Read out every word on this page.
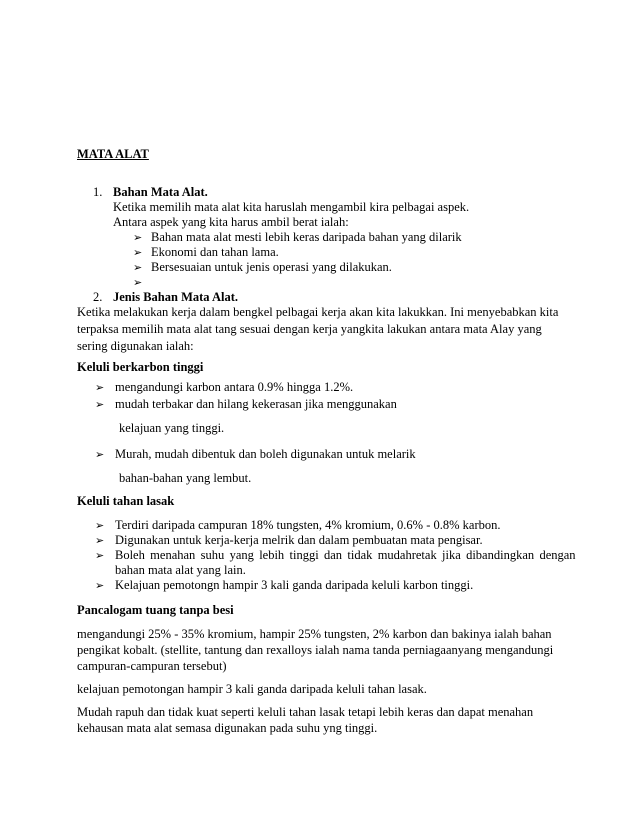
MATA ALAT
1. Bahan Mata Alat.
Ketika memilih mata alat kita haruslah mengambil kira pelbagai aspek.
Antara aspek yang kita harus ambil berat ialah:
➢ Bahan mata alat mesti lebih keras daripada bahan yang dilarik
➢ Ekonomi dan tahan lama.
➢ Bersesuaian untuk jenis operasi yang dilakukan.
➢
2. Jenis Bahan Mata Alat.
Ketika melakukan kerja dalam bengkel pelbagai kerja akan kita lakukkan. Ini menyebabkan kita
terpaksa memilih mata alat tang sesuai dengan kerja yangkita lakukan antara mata Alay yang
sering digunakan ialah:
Keluli berkarbon tinggi
➢ mengandungi karbon antara 0.9% hingga 1.2%.
➢ mudah terbakar dan hilang kekerasan jika menggunakan
kelajuan yang tinggi.
➢ Murah, mudah dibentuk dan boleh digunakan untuk melarik
bahan-bahan yang lembut.
Keluli tahan lasak
➢ Terdiri daripada campuran 18% tungsten, 4% kromium, 0.6% - 0.8% karbon.
➢ Digunakan untuk kerja-kerja melrik dan dalam pembuatan mata pengisar.
➢ Boleh menahan suhu yang lebih tinggi dan tidak mudahretak jika dibandingkan dengan
bahan mata alat yang lain.
➢ Kelajuan pemotongn hampir 3 kali ganda daripada keluli karbon tinggi.
Pancalogam tuang tanpa besi
mengandungi 25% - 35% kromium, hampir 25% tungsten, 2% karbon dan bakinya ialah bahan
pengikat kobalt. (stellite, tantung dan rexalloys ialah nama tanda perniagaanyang mengandungi
campuran-campuran tersebut)
kelajuan pemotongan hampir 3 kali ganda daripada keluli tahan lasak.
Mudah rapuh dan tidak kuat seperti keluli tahan lasak tetapi lebih keras dan dapat menahan
kehausan mata alat semasa digunakan pada suhu yng tinggi.
